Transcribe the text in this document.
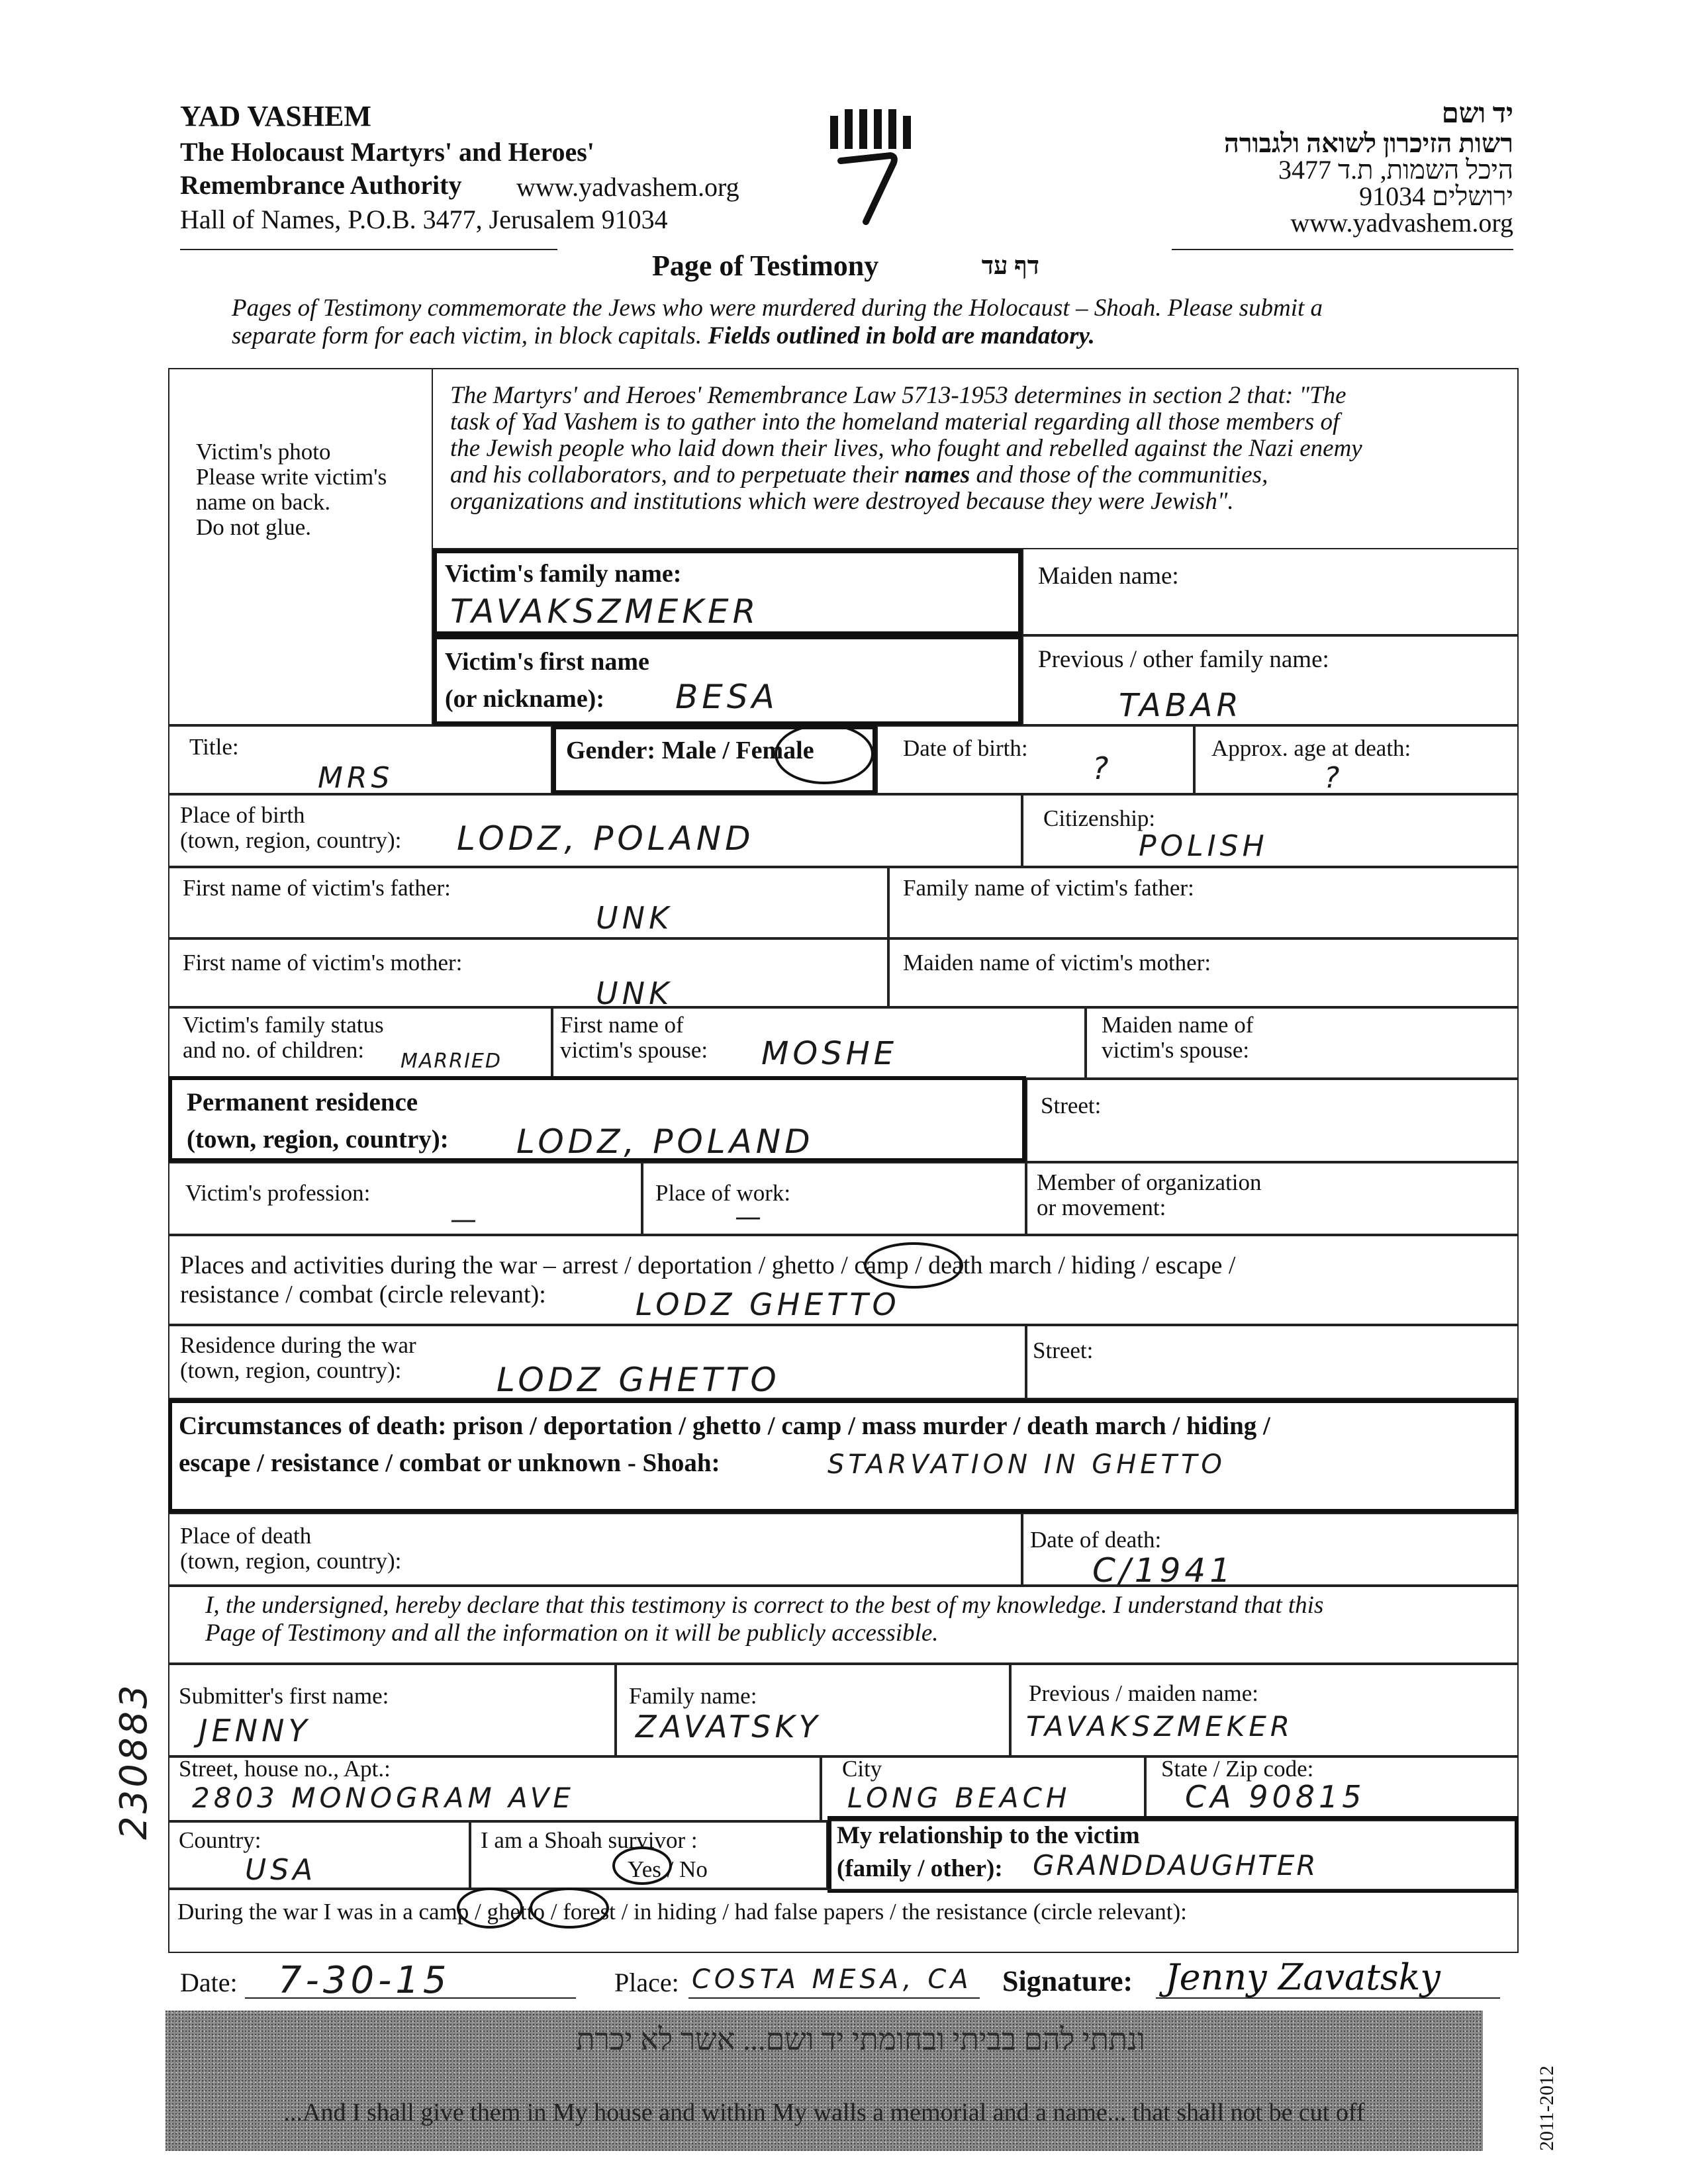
YAD VASHEM
The Holocaust Martyrs' and Heroes'
Remembrance Authority www.yadvashem.org
Hall of Names, P.O.B. 3477, Jerusalem 91034
יד ושם
רשות הזיכרון לשואה ולגבורה
היכל השמות, ת.ד 3477
ירושלים 91034
www.yadvashem.org
Page of Testimony	דף עד
Pages of Testimony commemorate the Jews who were murdered during the Holocaust – Shoah. Please submit a
separate form for each victim, in block capitals. Fields outlined in bold are mandatory.
Victim's photo
Please write victim's
name on back.
Do not glue.
The Martyrs' and Heroes' Remembrance Law 5713-1953 determines in section 2 that: "The
task of Yad Vashem is to gather into the homeland material regarding all those members of
the Jewish people who laid down their lives, who fought and rebelled against the Nazi enemy
and his collaborators, and to perpetuate their names and those of the communities,
organizations and institutions which were destroyed because they were Jewish".
Victim's family name:
TAVAKSZMEKER
Victim's first name
(or nickname): BESA
Maiden name:
Previous / other family name:
TABAR
Title:
MRS
Gender: Male / Female	Date of birth:
?
Approx. age at death:
?
Place of birth
(town, region, country): LODZ, POLAND
Citizenship:
POLISH
First name of victim's father:
UNK
Family name of victim's father:
First name of victim's mother:
UNK
Maiden name of victim's mother:
Victim's family status
and no. of children: MARRIED
First name of
victim's spouse: MOSHE
Maiden name of
victim's spouse:
Permanent residence
(town, region, country): LODZ, POLAND
Street:
Victim's profession:
—
Place of work:
—
Member of organization
or movement:
Places and activities during the war – arrest / deportation / ghetto / camp / death march / hiding / escape /
resistance / combat (circle relevant):	LODZ GHETTO
Residence during the war
(town, region, country):	LODZ GHETTO
Street:
Circumstances of death: prison / deportation / ghetto / camp / mass murder / death march / hiding /
escape / resistance / combat or unknown - Shoah:	STARVATION IN GHETTO
Place of death
(town, region, country):
Date of death:
C/1941
I, the undersigned, hereby declare that this testimony is correct to the best of my knowledge. I understand that this
Page of Testimony and all the information on it will be publicly accessible.
Submitter's first name:
JENNY
Family name:
ZAVATSKY
Previous / maiden name:
TAVAKSZMEKER
Street, house no., Apt.:
2803 MONOGRAM AVE
City
LONG BEACH
State / Zip code:
CA 90815
Country:
USA
I am a Shoah survivor :
Yes / No
My relationship to the victim
(family / other): GRANDDAUGHTER
During the war I was in a camp / ghetto / forest / in hiding / had false papers / the resistance (circle relevant):
Date: 7-30-15	Place: COSTA MESA, CA Signature: Jenny Zavatsky
230883
2011-2012
ונתתי להם בביתי ובחומתי יד ושם... אשר לא יכרת
...And I shall give them in My house and within My walls a memorial and a name... that shall not be cut off
